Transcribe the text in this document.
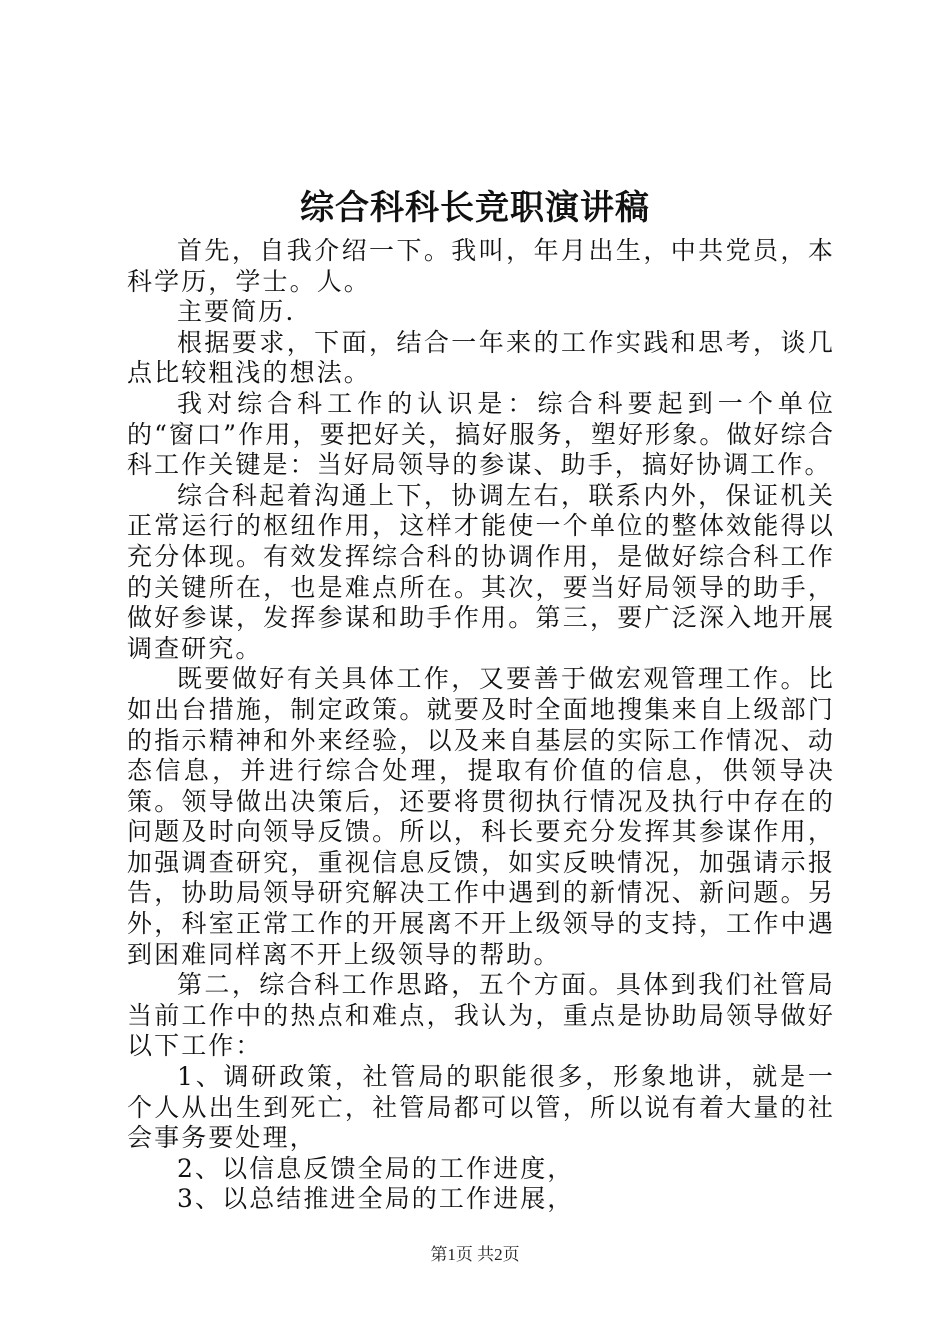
综合科科长竞职演讲稿

首先，自我介绍一下。我叫，年月出生，中共党员，本科学历，学士。人。

主要简历.

根据要求，下面，结合一年来的工作实践和思考，谈几点比较粗浅的想法。

我对综合科工作的认识是：综合科要起到一个单位的“窗口”作用，要把好关，搞好服务，塑好形象。做好综合科工作关键是：当好局领导的参谋、助手，搞好协调工作。

综合科起着沟通上下，协调左右，联系内外，保证机关正常运行的枢纽作用，这样才能使一个单位的整体效能得以充分体现。有效发挥综合科的协调作用，是做好综合科工作的关键所在，也是难点所在。其次，要当好局领导的助手，做好参谋，发挥参谋和助手作用。第三，要广泛深入地开展调查研究。

既要做好有关具体工作，又要善于做宏观管理工作。比如出台措施，制定政策。就要及时全面地搜集来自上级部门的指示精神和外来经验，以及来自基层的实际工作情况、动态信息，并进行综合处理，提取有价值的信息，供领导决策。领导做出决策后，还要将贯彻执行情况及执行中存在的问题及时向领导反馈。所以，科长要充分发挥其参谋作用，加强调查研究，重视信息反馈，如实反映情况，加强请示报告，协助局领导研究解决工作中遇到的新情况、新问题。另外，科室正常工作的开展离不开上级领导的支持，工作中遇到困难同样离不开上级领导的帮助。

第二，综合科工作思路，五个方面。具体到我们社管局当前工作中的热点和难点，我认为，重点是协助局领导做好以下工作：

1、调研政策，社管局的职能很多，形象地讲，就是一个人从出生到死亡，社管局都可以管，所以说有着大量的社会事务要处理，

2、以信息反馈全局的工作进度，

3、以总结推进全局的工作进展，

第1页 共2页
